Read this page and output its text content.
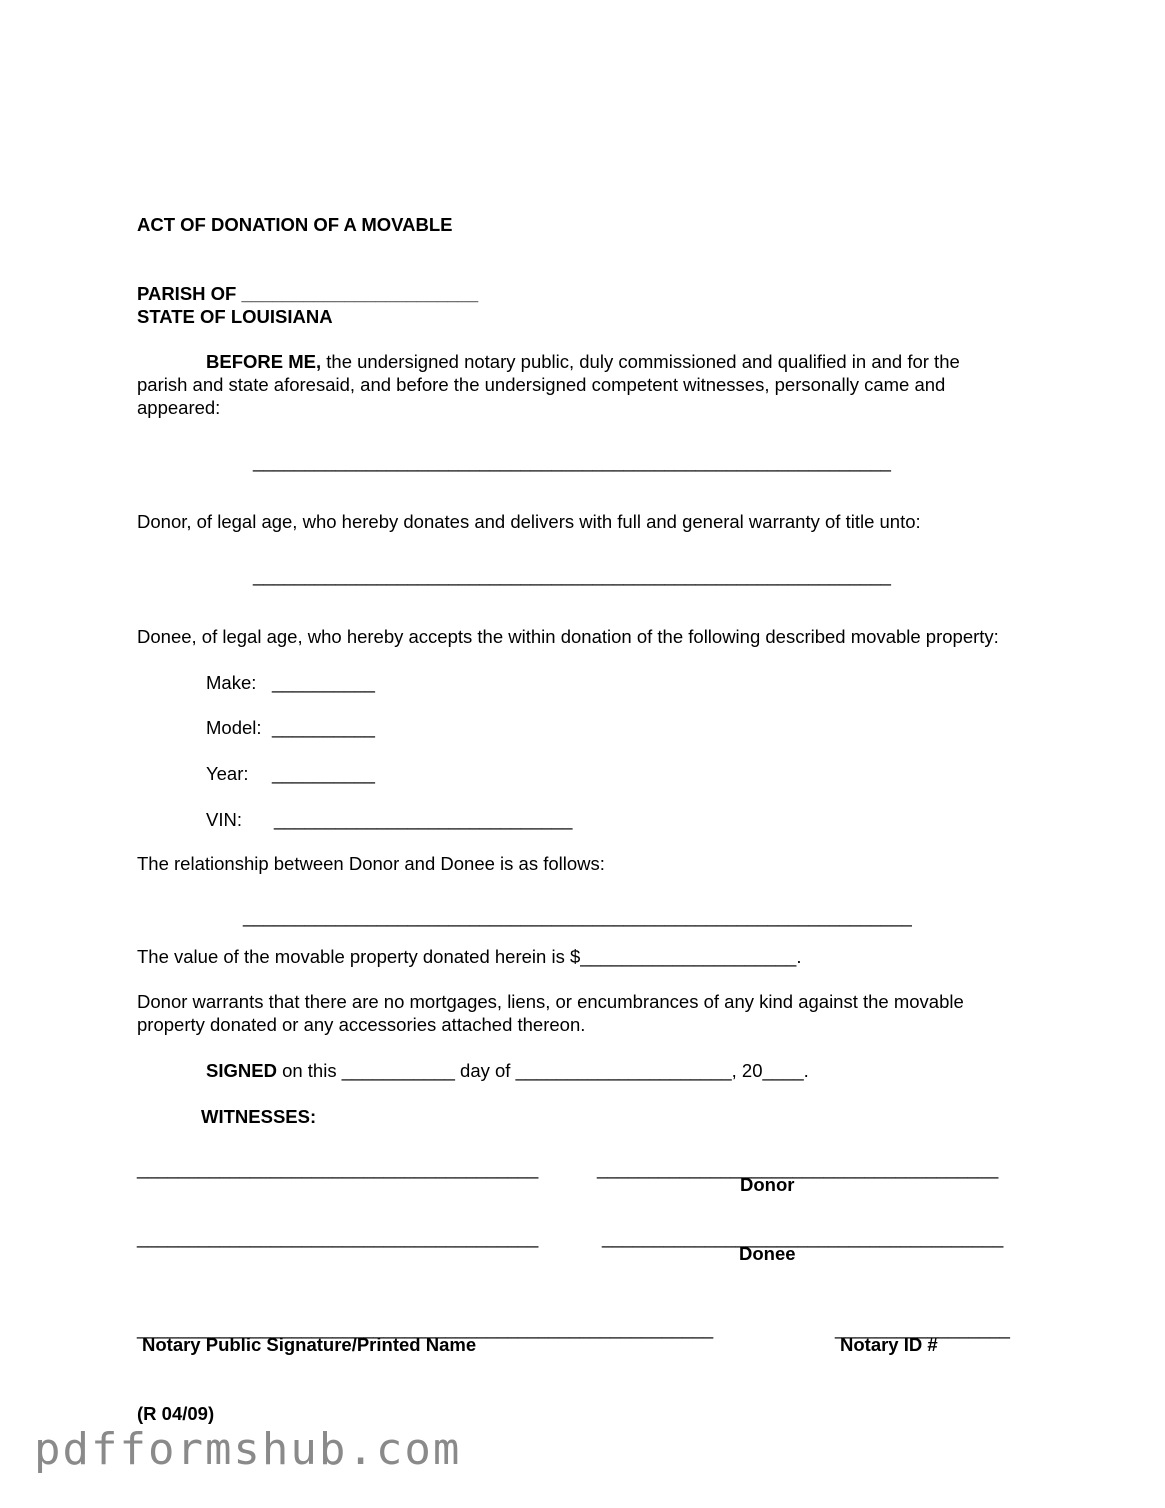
ACT OF DONATION OF A MOVABLE
PARISH OF _______________________
STATE OF LOUISIANA
BEFORE ME, the undersigned notary public, duly commissioned and qualified in and for the parish and state aforesaid, and before the undersigned competent witnesses, personally came and appeared:
______________________________________________________________
Donor, of legal age, who hereby donates and delivers with full and general warranty of title unto:
______________________________________________________________
Donee, of legal age, who hereby accepts the within donation of the following described movable property:
Make: __________
Model: __________
Year: __________
VIN: _____________________________
The relationship between Donor and Donee is as follows:
_________________________________________________________________
The value of the movable property donated herein is $_____________________.
Donor warrants that there are no mortgages, liens, or encumbrances of any kind against the movable property donated or any accessories attached thereon.
SIGNED on this ___________ day of _____________________, 20____.
WITNESSES:
_______________________________________	_______________________________________
Donor
_______________________________________	_______________________________________
Donee
________________________________________________________	_________________
Notary Public Signature/Printed Name	Notary ID #
(R 04/09)
pdfformshub.com
